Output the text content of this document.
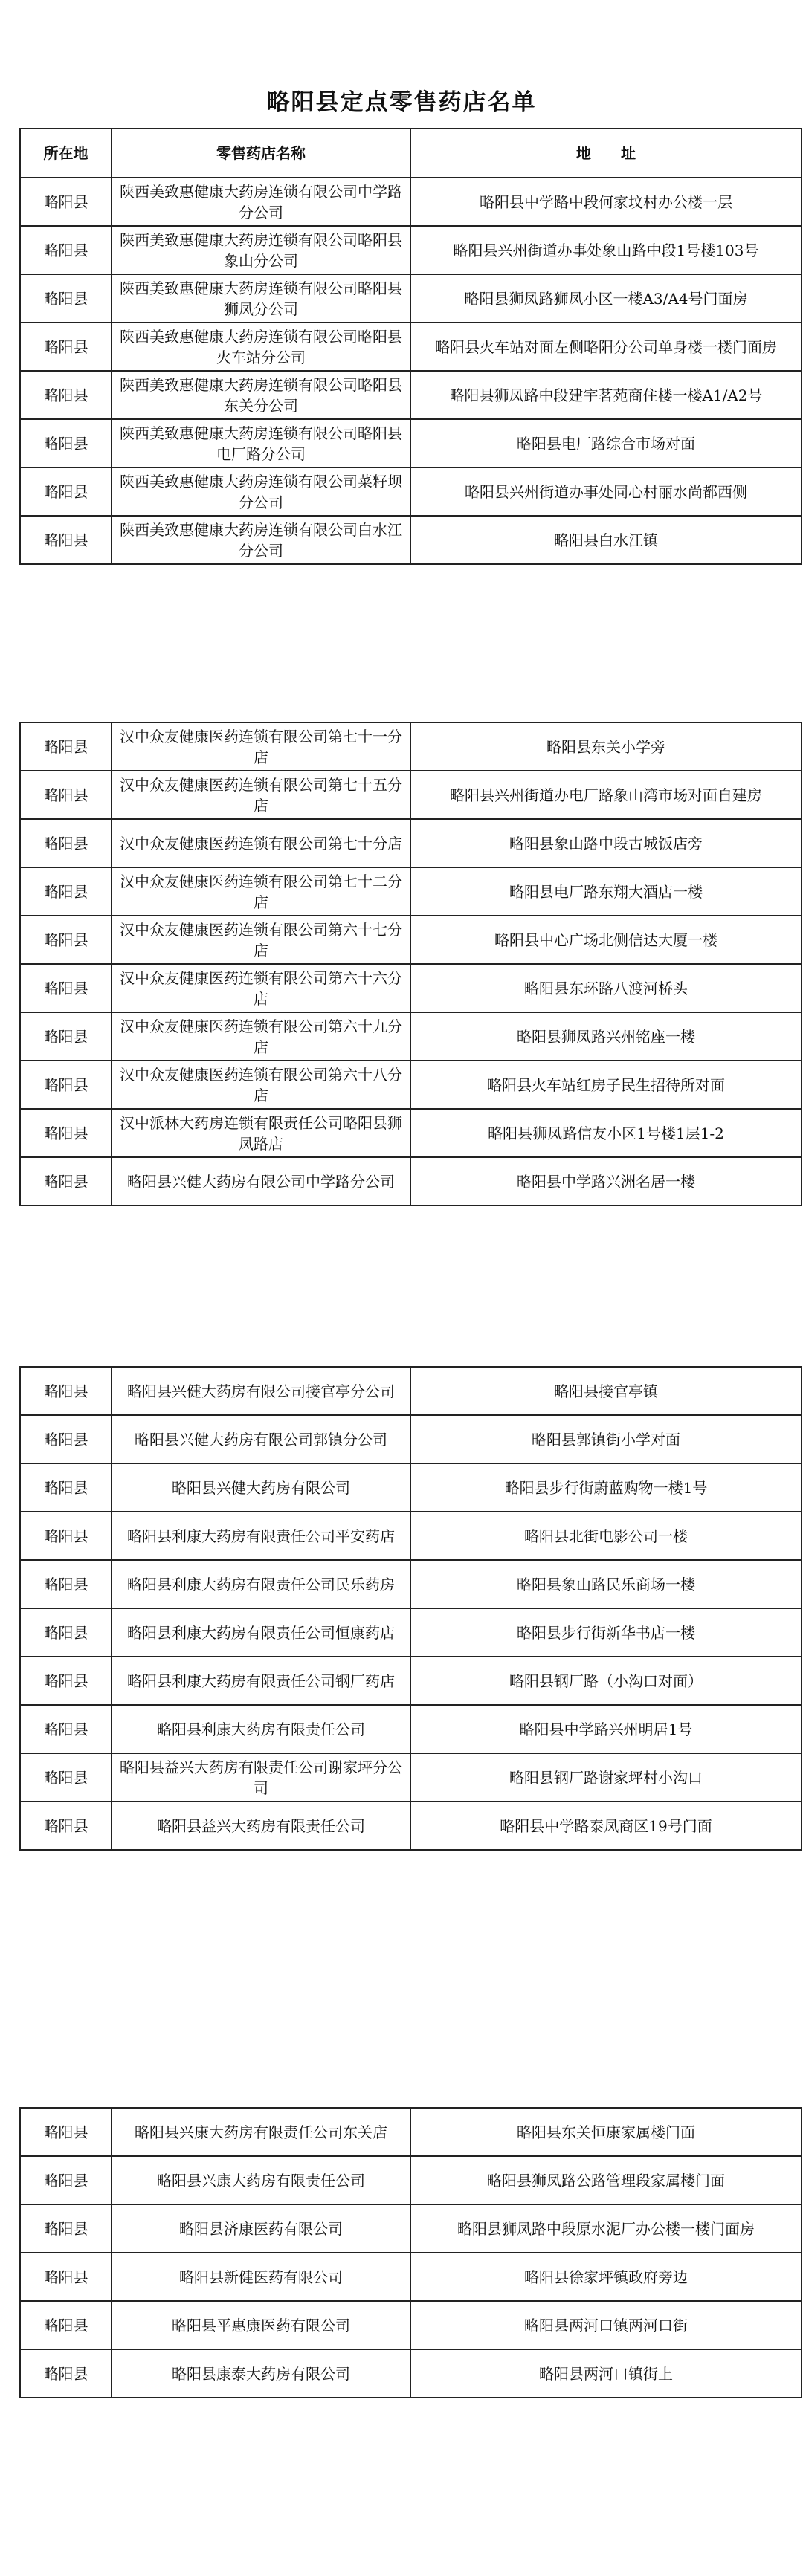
略阳县定点零售药店名单
所在地	零售药店名称	地　　址
略阳县	陕西美致惠健康大药房连锁有限公司中学路分公司	略阳县中学路中段何家坟村办公楼一层
略阳县	陕西美致惠健康大药房连锁有限公司略阳县象山分公司	略阳县兴州街道办事处象山路中段1号楼103号
略阳县	陕西美致惠健康大药房连锁有限公司略阳县狮凤分公司	略阳县狮凤路狮凤小区一楼A3/A4号门面房
略阳县	陕西美致惠健康大药房连锁有限公司略阳县火车站分公司	略阳县火车站对面左侧略阳分公司单身楼一楼门面房
略阳县	陕西美致惠健康大药房连锁有限公司略阳县东关分公司	略阳县狮凤路中段建宇茗苑商住楼一楼A1/A2号
略阳县	陕西美致惠健康大药房连锁有限公司略阳县电厂路分公司	略阳县电厂路综合市场对面
略阳县	陕西美致惠健康大药房连锁有限公司菜籽坝分公司	略阳县兴州街道办事处同心村丽水尚都西侧
略阳县	陕西美致惠健康大药房连锁有限公司白水江分公司	略阳县白水江镇
略阳县	汉中众友健康医药连锁有限公司第七十一分店	略阳县东关小学旁
略阳县	汉中众友健康医药连锁有限公司第七十五分店	略阳县兴州街道办电厂路象山湾市场对面自建房
略阳县	汉中众友健康医药连锁有限公司第七十分店	略阳县象山路中段古城饭店旁
略阳县	汉中众友健康医药连锁有限公司第七十二分店	略阳县电厂路东翔大酒店一楼
略阳县	汉中众友健康医药连锁有限公司第六十七分店	略阳县中心广场北侧信达大厦一楼
略阳县	汉中众友健康医药连锁有限公司第六十六分店	略阳县东环路八渡河桥头
略阳县	汉中众友健康医药连锁有限公司第六十九分店	略阳县狮凤路兴州铭座一楼
略阳县	汉中众友健康医药连锁有限公司第六十八分店	略阳县火车站红房子民生招待所对面
略阳县	汉中派林大药房连锁有限责任公司略阳县狮凤路店	略阳县狮凤路信友小区1号楼1层1-2
略阳县	略阳县兴健大药房有限公司中学路分公司	略阳县中学路兴洲名居一楼
略阳县	略阳县兴健大药房有限公司接官亭分公司	略阳县接官亭镇
略阳县	略阳县兴健大药房有限公司郭镇分公司	略阳县郭镇街小学对面
略阳县	略阳县兴健大药房有限公司	略阳县步行街蔚蓝购物一楼1号
略阳县	略阳县利康大药房有限责任公司平安药店	略阳县北街电影公司一楼
略阳县	略阳县利康大药房有限责任公司民乐药房	略阳县象山路民乐商场一楼
略阳县	略阳县利康大药房有限责任公司恒康药店	略阳县步行街新华书店一楼
略阳县	略阳县利康大药房有限责任公司钢厂药店	略阳县钢厂路（小沟口对面）
略阳县	略阳县利康大药房有限责任公司	略阳县中学路兴州明居1号
略阳县	略阳县益兴大药房有限责任公司谢家坪分公司	略阳县钢厂路谢家坪村小沟口
略阳县	略阳县益兴大药房有限责任公司	略阳县中学路泰凤商区19号门面
略阳县	略阳县兴康大药房有限责任公司东关店	略阳县东关恒康家属楼门面
略阳县	略阳县兴康大药房有限责任公司	略阳县狮凤路公路管理段家属楼门面
略阳县	略阳县济康医药有限公司	略阳县狮凤路中段原水泥厂办公楼一楼门面房
略阳县	略阳县新健医药有限公司	略阳县徐家坪镇政府旁边
略阳县	略阳县平惠康医药有限公司	略阳县两河口镇两河口街
略阳县	略阳县康泰大药房有限公司	略阳县两河口镇街上
